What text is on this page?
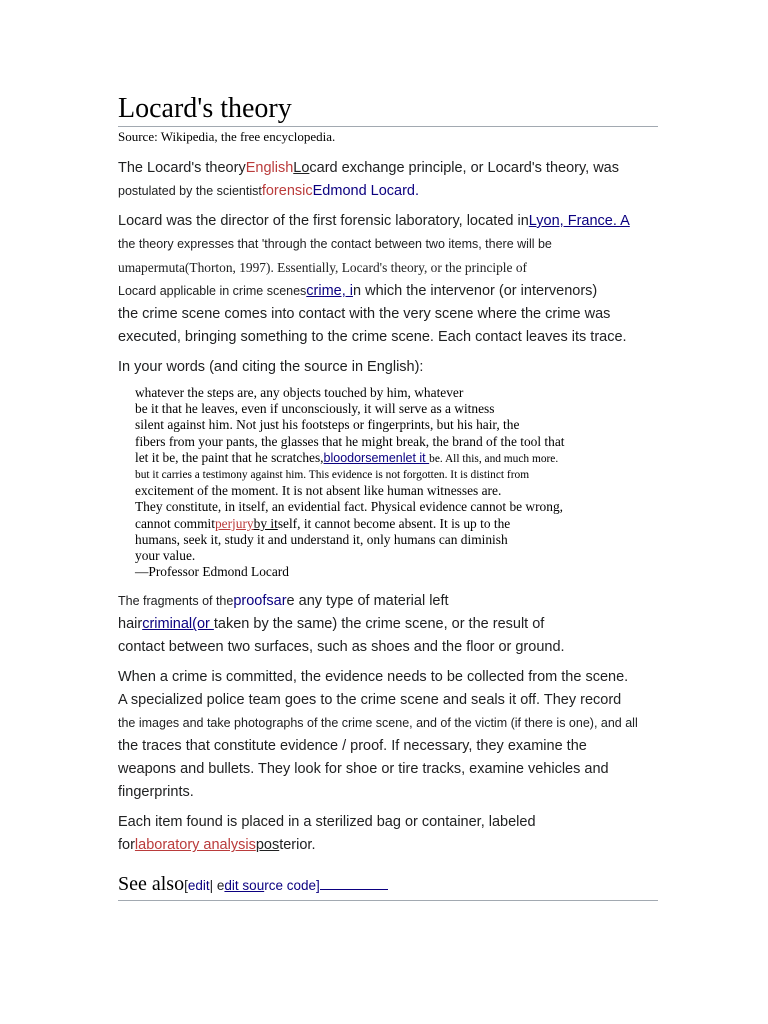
Locard's theory
Source: Wikipedia, the free encyclopedia.

The Locard's theoryEnglishLocard exchange principle, or Locard's theory, was
postulated by the scientistforensicEdmond Locard.

Locard was the director of the first forensic laboratory, located inLyon, France. A
the theory expresses that 'through the contact between two items, there will be
umapermuta(Thorton, 1997). Essentially, Locard's theory, or the principle of
Locard applicable in crime scenescrime, in which the intervenor (or intervenors)
the crime scene comes into contact with the very scene where the crime was
executed, bringing something to the crime scene. Each contact leaves its trace.

In your words (and citing the source in English):

whatever the steps are, any objects touched by him, whatever
be it that he leaves, even if unconsciously, it will serve as a witness
silent against him. Not just his footsteps or fingerprints, but his hair, the
fibers from your pants, the glasses that he might break, the brand of the tool that
let it be, the paint that he scratches,bloodorsemenlet it be. All this, and much more.
but it carries a testimony against him. This evidence is not forgotten. It is distinct from
excitement of the moment. It is not absent like human witnesses are.
They constitute, in itself, an evidential fact. Physical evidence cannot be wrong,
cannot commitperjuryby itself, it cannot become absent. It is up to the
humans, seek it, study it and understand it, only humans can diminish
your value.
—Professor Edmond Locard

The fragments of theproofsare any type of material left
haircriminal(or taken by the same) the crime scene, or the result of
contact between two surfaces, such as shoes and the floor or ground.

When a crime is committed, the evidence needs to be collected from the scene.
A specialized police team goes to the crime scene and seals it off. They record
the images and take photographs of the crime scene, and of the victim (if there is one), and all
the traces that constitute evidence / proof. If necessary, they examine the
weapons and bullets. They look for shoe or tire tracks, examine vehicles and
fingerprints.

Each item found is placed in a sterilized bag or container, labeled
forlaboratory analysisposterior.

See also[edit| edit source code]
